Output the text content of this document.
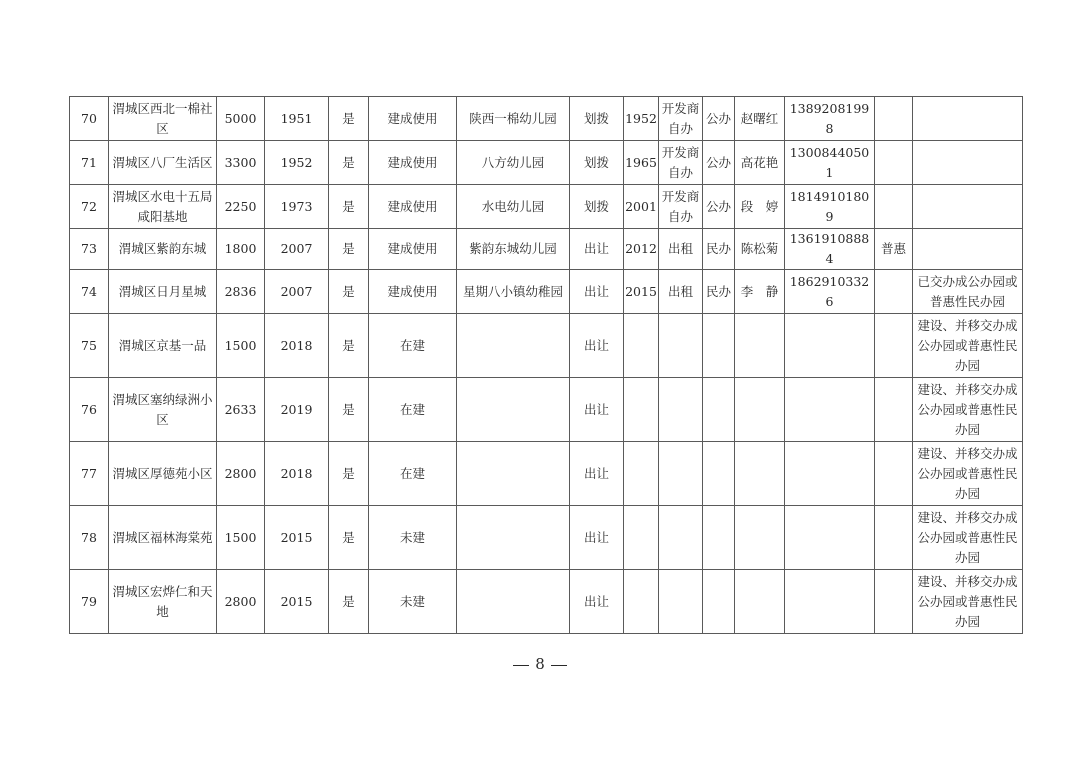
70	渭城区西北一棉社区	5000	1951	是	建成使用	陕西一棉幼儿园	划拨	1952	开发商自办	公办	赵曙红	13892081998		
71	渭城区八厂生活区	3300	1952	是	建成使用	八方幼儿园	划拨	1965	开发商自办	公办	高花艳	13008440501		
72	渭城区水电十五局咸阳基地	2250	1973	是	建成使用	水电幼儿园	划拨	2001	开发商自办	公办	段　婷	18149101809		
73	渭城区紫韵东城	1800	2007	是	建成使用	紫韵东城幼儿园	出让	2012	出租	民办	陈松菊	13619108884	普惠	
74	渭城区日月星城	2836	2007	是	建成使用	星期八小镇幼稚园	出让	2015	出租	民办	李　静	18629103326		已交办成公办园或普惠性民办园
75	渭城区京基一品	1500	2018	是	在建		出让							建设、并移交办成公办园或普惠性民办园
76	渭城区塞纳绿洲小区	2633	2019	是	在建		出让							建设、并移交办成公办园或普惠性民办园
77	渭城区厚德苑小区	2800	2018	是	在建		出让							建设、并移交办成公办园或普惠性民办园
78	渭城区福林海棠苑	1500	2015	是	未建		出让							建设、并移交办成公办园或普惠性民办园
79	渭城区宏烨仁和天地	2800	2015	是	未建		出让							建设、并移交办成公办园或普惠性民办园
8
